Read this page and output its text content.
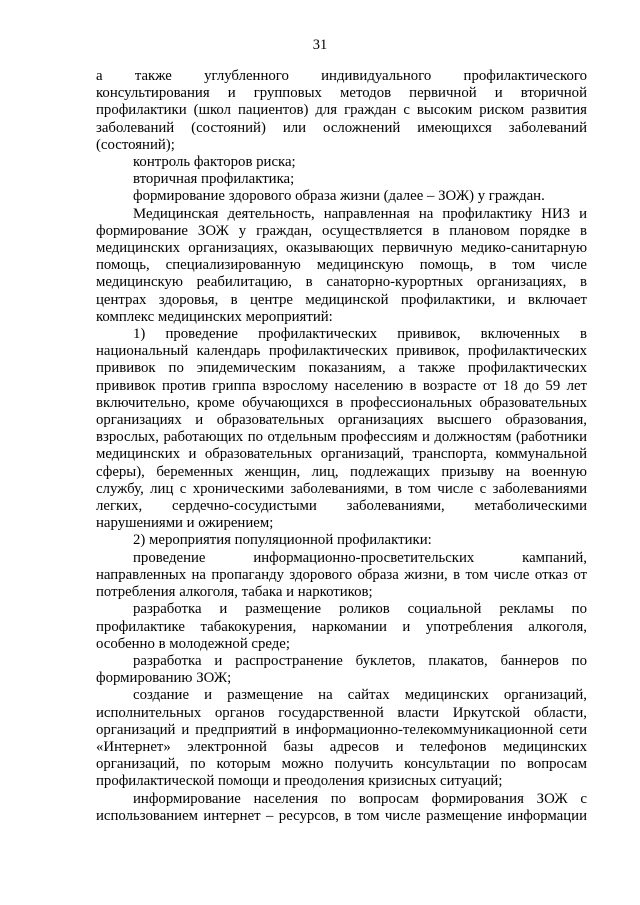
31
а также углубленного индивидуального профилактического
консультирования и групповых методов первичной и вторичной
профилактики (школ пациентов) для граждан с высоким риском развития
заболеваний (состояний) или осложнений имеющихся заболеваний
(состояний);
контроль факторов риска;
вторичная профилактика;
формирование здорового образа жизни (далее – ЗОЖ) у граждан.
Медицинская деятельность, направленная на профилактику НИЗ и
формирование ЗОЖ у граждан, осуществляется в плановом порядке в
медицинских организациях, оказывающих первичную медико-санитарную
помощь, специализированную медицинскую помощь, в том числе
медицинскую реабилитацию, в санаторно-курортных организациях, в
центрах здоровья, в центре медицинской профилактики, и включает
комплекс медицинских мероприятий:
1) проведение профилактических прививок, включенных в
национальный календарь профилактических прививок, профилактических
прививок по эпидемическим показаниям, а также профилактических
прививок против гриппа взрослому населению в возрасте от 18 до 59 лет
включительно, кроме обучающихся в профессиональных образовательных
организациях и образовательных организациях высшего образования,
взрослых, работающих по отдельным профессиям и должностям (работники
медицинских и образовательных организаций, транспорта, коммунальной
сферы), беременных женщин, лиц, подлежащих призыву на военную
службу, лиц с хроническими заболеваниями, в том числе с заболеваниями
легких, сердечно-сосудистыми заболеваниями, метаболическими
нарушениями и ожирением;
2) мероприятия популяционной профилактики:
проведение информационно-просветительских кампаний,
направленных на пропаганду здорового образа жизни, в том числе отказ от
потребления алкоголя, табака и наркотиков;
разработка и размещение роликов социальной рекламы по
профилактике табакокурения, наркомании и употребления алкоголя,
особенно в молодежной среде;
разработка и распространение буклетов, плакатов, баннеров по
формированию ЗОЖ;
создание и размещение на сайтах медицинских организаций,
исполнительных органов государственной власти Иркутской области,
организаций и предприятий в информационно-телекоммуникационной сети
«Интернет» электронной базы адресов и телефонов медицинских
организаций, по которым можно получить консультации по вопросам
профилактической помощи и преодоления кризисных ситуаций;
информирование населения по вопросам формирования ЗОЖ с
использованием интернет – ресурсов, в том числе размещение информации
